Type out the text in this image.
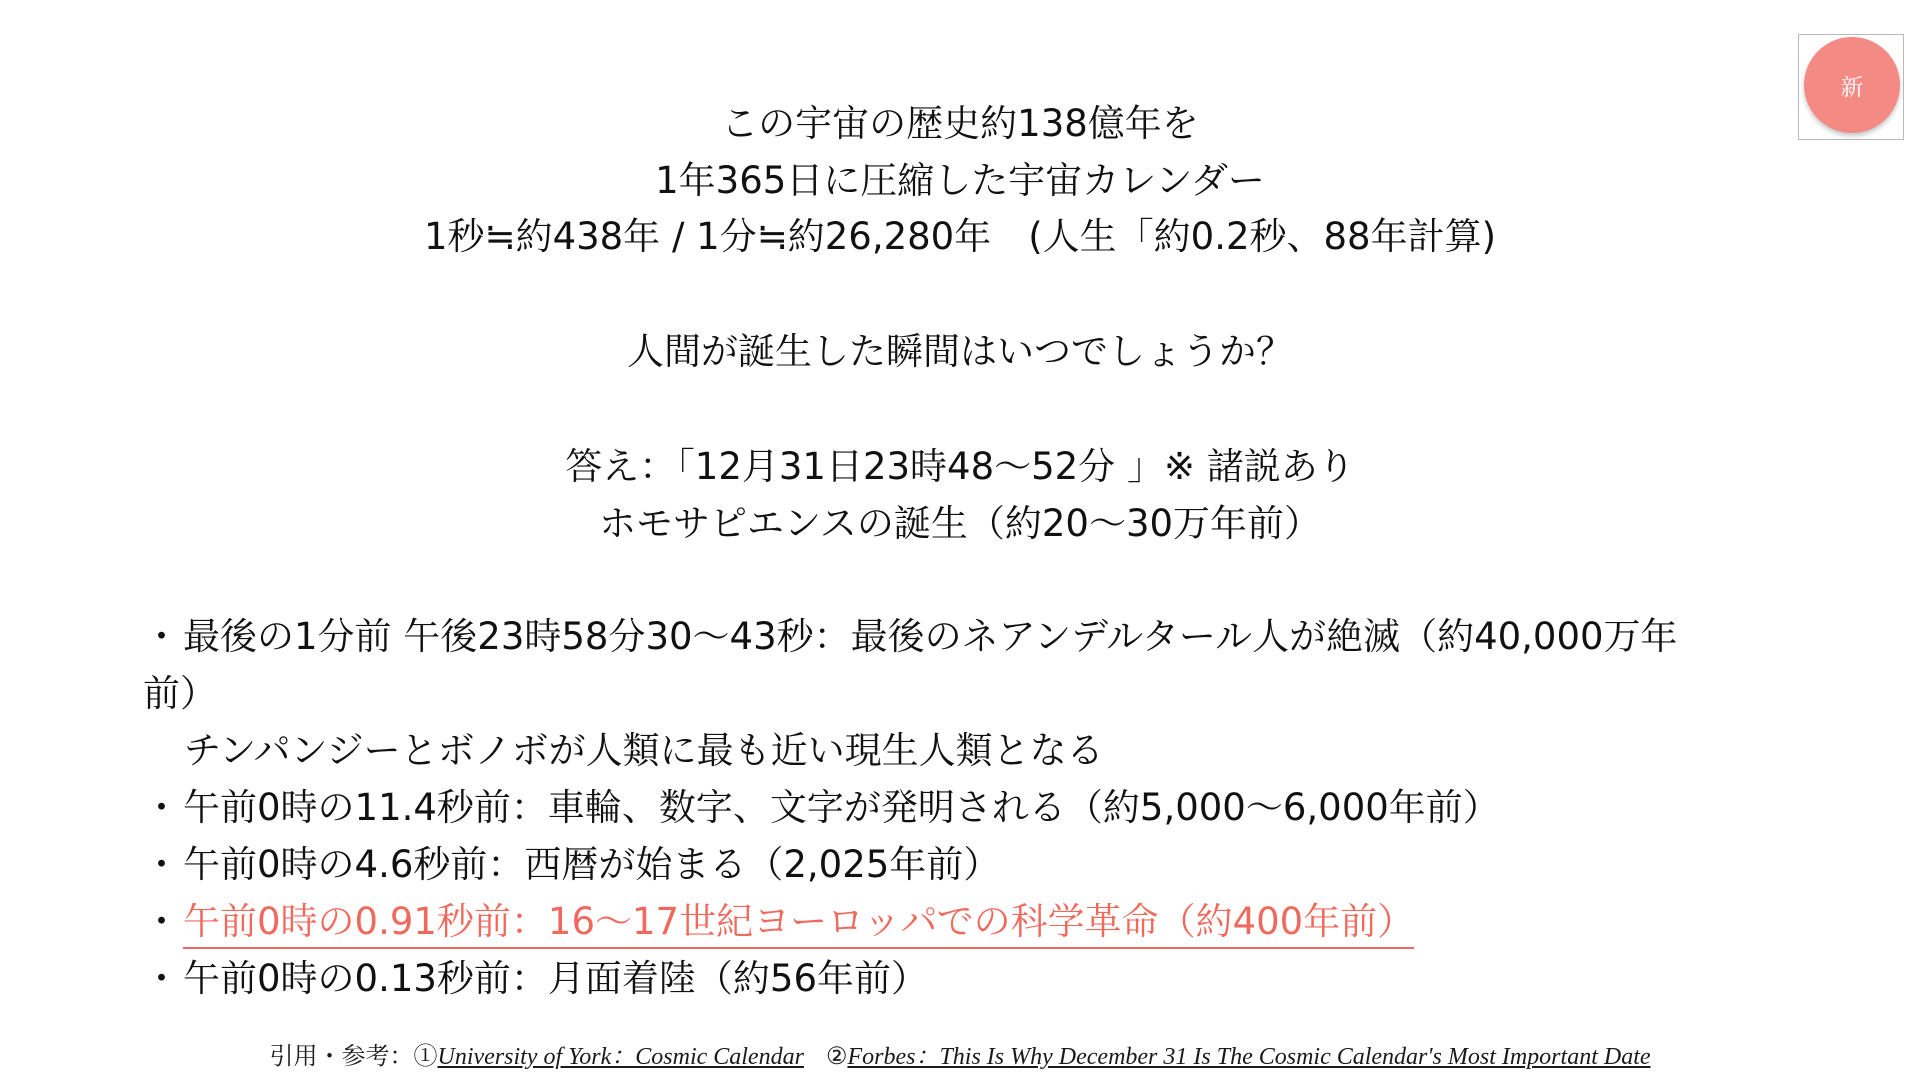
新
この宇宙の歴史約138億年を
1年365日に圧縮した宇宙カレンダー
1秒≒約438年 / 1分≒約26,280年　(人生「約0.2秒、88年計算)
人間が誕生した瞬間はいつでしょうか？
答え：「12月31日23時48〜52分 」※ 諸説あり
ホモサピエンスの誕生（約20〜30万年前）
・最後の1分前 午後23時58分30〜43秒：最後のネアンデルタール人が絶滅（約40,000万年
前）
チンパンジーとボノボが人類に最も近い現生人類となる
・午前0時の11.4秒前：車輪、数字、文字が発明される（約5,000〜6,000年前）
・午前0時の4.6秒前：西暦が始まる（2,025年前）
・午前0時の0.91秒前：16〜17世紀ヨーロッパでの科学革命（約400年前）
・午前0時の0.13秒前：月面着陸（約56年前）
引用・参考：①University of York：Cosmic Calendar ②Forbes：This Is Why December 31 Is The Cosmic Calendar's Most Important Date
